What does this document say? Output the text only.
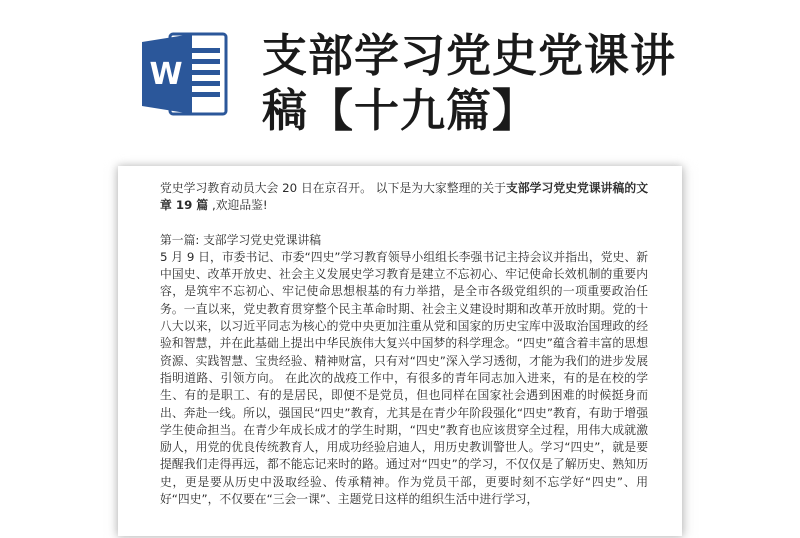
W 支部学习党史党课讲
稿【十九篇】

党史学习教育动员大会 20 日在京召开。 以下是为大家整理的关于支部学习党史党课讲稿的文章 19 篇 ,欢迎品鉴!

第一篇: 支部学习党史党课讲稿

5 月 9 日，市委书记、市委“四史”学习教育领导小组组长李强书记主持会议并指出，党史、新中国史、改革开放史、社会主义发展史学习教育是建立不忘初心、牢记使命长效机制的重要内容，是筑牢不忘初心、牢记使命思想根基的有力举措，是全市各级党组织的一项重要政治任务。一直以来，党史教育贯穿整个民主革命时期、社会主义建设时期和改革开放时期。党的十八大以来，以习近平同志为核心的党中央更加注重从党和国家的历史宝库中汲取治国理政的经验和智慧，并在此基础上提出中华民族伟大复兴中国梦的科学理念。“四史”蕴含着丰富的思想资源、实践智慧、宝贵经验、精神财富，只有对“四史”深入学习透彻，才能为我们的进步发展指明道路、引领方向。 在此次的战疫工作中，有很多的青年同志加入进来，有的是在校的学生、有的是职工、有的是居民，即便不是党员，但也同样在国家社会遇到困难的时候挺身而出、奔赴一线。所以，强国民“四史”教育，尤其是在青少年阶段强化“四史”教育，有助于增强学生使命担当。在青少年成长成才的学生时期，“四史”教育也应该贯穿全过程，用伟大成就激励人，用党的优良传统教育人，用成功经验启迪人，用历史教训警世人。学习“四史”，就是要提醒我们走得再远，都不能忘记来时的路。通过对“四史”的学习，不仅仅是了解历史、熟知历史，更是要从历史中汲取经验、传承精神。作为党员干部，更要时刻不忘学好“四史”、用好“四史”，不仅要在“三会一课”、主题党日这样的组织生活中进行学习，
